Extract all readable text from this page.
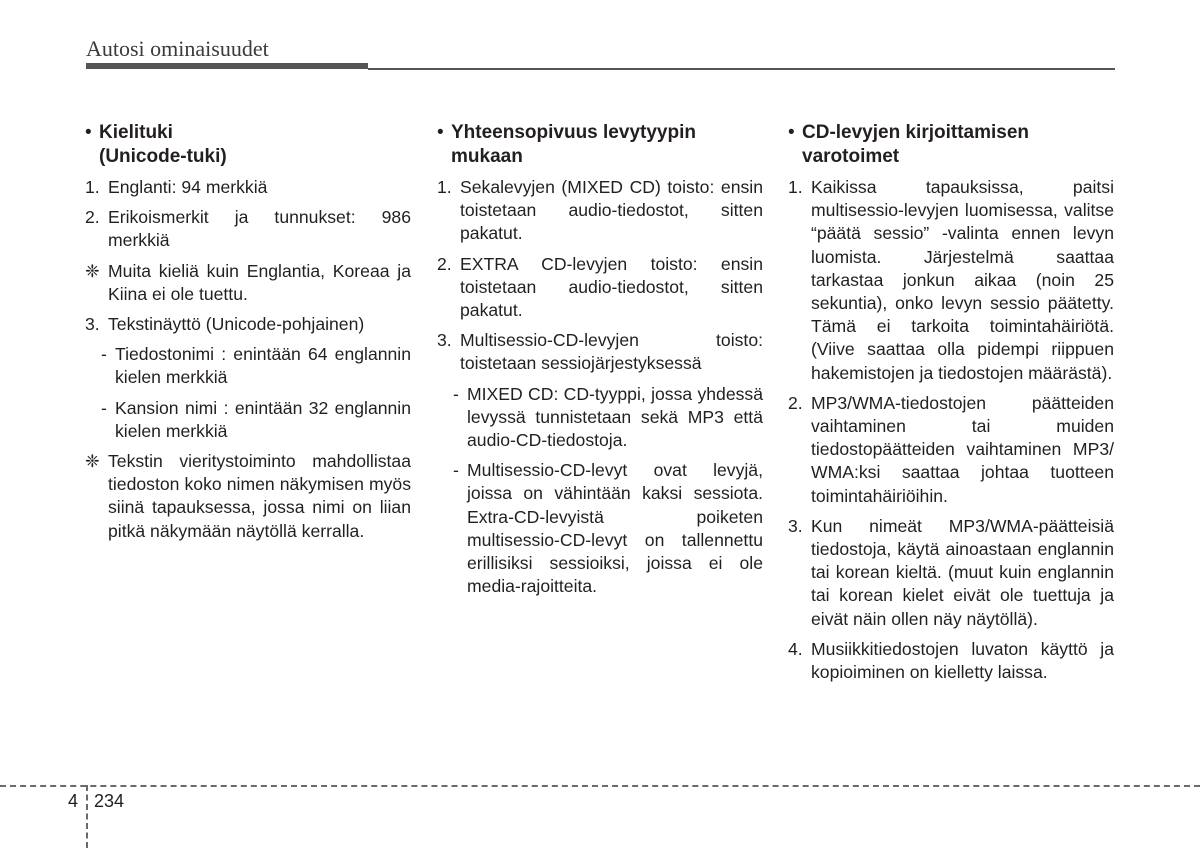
Autosi ominaisuudet
• Kielituki
(Unicode-tuki)
1. Englanti: 94 merkkiä
2. Erikoismerkit ja tunnukset: 986 merkkiä
❈ Muita kieliä kuin Englantia, Koreaa ja Kiina ei ole tuettu.
3. Tekstinäyttö (Unicode-pohjainen)
- Tiedostonimi : enintään 64 englannin kielen merkkiä
- Kansion nimi : enintään 32 englannin kielen merkkiä
❈ Tekstin vieritystoiminto mahdollistaa tiedoston koko nimen näkymisen myös siinä tapauksessa, jossa nimi on liian pitkä näkymään näytöllä kerralla.
• Yhteensopivuus levytyypin mukaan
1. Sekalevyjen (MIXED CD) toisto: ensin toistetaan audio-tiedostot, sitten pakatut.
2. EXTRA CD-levyjen toisto: ensin toistetaan audio-tiedostot, sitten pakatut.
3. Multisessio-CD-levyjen toisto: toistetaan sessiojärjestyksessä
- MIXED CD: CD-tyyppi, jossa yhdessä levyssä tunnistetaan sekä MP3 että audio-CD-tiedostoja.
- Multisessio-CD-levyt ovat levyjä, joissa on vähintään kaksi sessiota. Extra-CD-levyistä poiketen multisessio-CD-levyt on tallennettu erillisiksi sessioiksi, joissa ei ole media-rajoitteita.
• CD-levyjen kirjoittamisen varotoimet
1. Kaikissa tapauksissa, paitsi multisessio-levyjen luomisessa, valitse “päätä sessio” -valinta ennen levyn luomista. Järjestelmä saattaa tarkastaa jonkun aikaa (noin 25 sekuntia), onko levyn sessio päätetty. Tämä ei tarkoita toimintahäiriötä. (Viive saattaa olla pidempi riippuen hakemistojen ja tiedostojen määrästä).
2. MP3/WMA-tiedostojen päätteiden vaihtaminen tai muiden tiedostopäätteiden vaihtaminen MP3/ WMA:ksi saattaa johtaa tuotteen toimintahäiriöihin.
3. Kun nimeät MP3/WMA-päätteisiä tiedostoja, käytä ainoastaan englannin tai korean kieltä. (muut kuin englannin tai korean kielet eivät ole tuettuja ja eivät näin ollen näy näytöllä).
4. Musiikkitiedostojen luvaton käyttö ja kopioiminen on kielletty laissa.
4 234
